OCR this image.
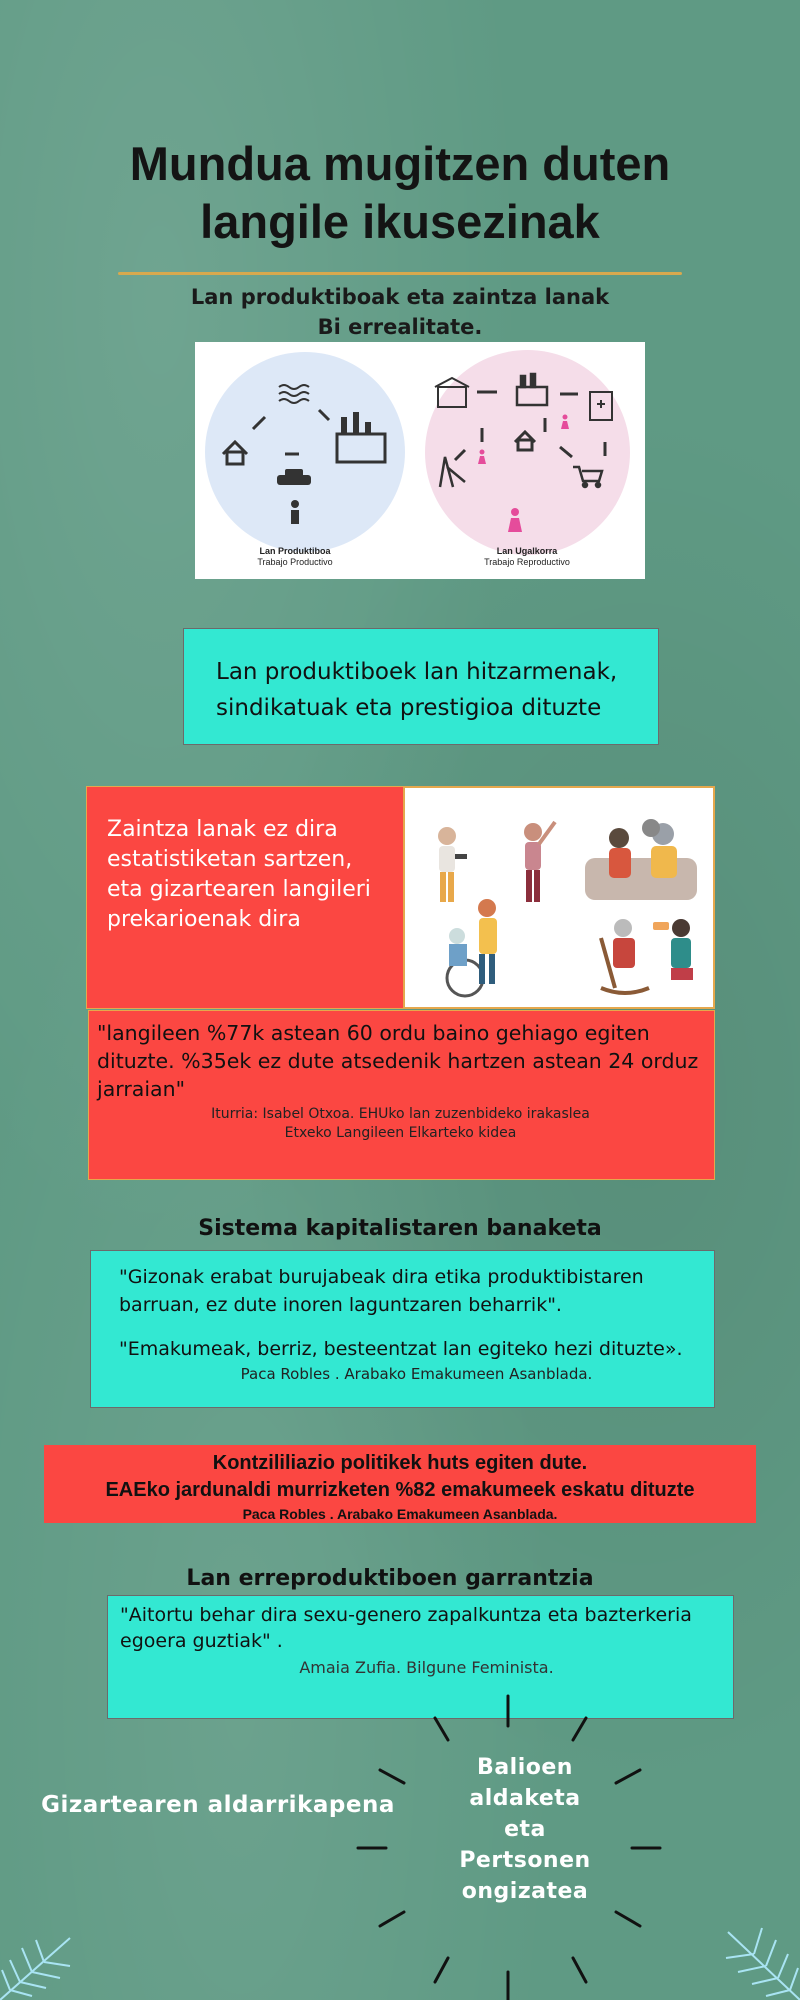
Mundua mugitzen duten
langile ikusezinak
Lan produktiboak eta zaintza lanak
Bi errealitate.
Lan Produktiboa
Trabajo Productivo
Lan Ugalkorra
Trabajo Reproductivo
Lan produktiboek lan hitzarmenak,
sindikatuak eta prestigioa dituzte
Zaintza lanak ez dira estatistiketan sartzen, eta gizartearen langileri prekarioenak dira
"langileen %77k astean 60 ordu baino gehiago egiten dituzte. %35ek ez dute atsedenik hartzen astean 24 orduz jarraian"
Iturria: Isabel Otxoa. EHUko lan zuzenbideko irakaslea
Etxeko Langileen Elkarteko kidea
Sistema kapitalistaren banaketa
"Gizonak erabat burujabeak dira etika produktibistaren barruan, ez dute inoren laguntzaren beharrik".
"Emakumeak, berriz, besteentzat lan egiteko hezi dituzte».
Paca Robles . Arabako Emakumeen Asanblada.
Kontzililiazio politikek huts egiten dute.
EAEko jardunaldi murrizketen %82 emakumeek eskatu dituzte
Paca Robles . Arabako Emakumeen Asanblada.
Lan erreproduktiboen garrantzia
"Aitortu behar dira sexu-genero zapalkuntza eta bazterkeria egoera guztiak" .
Amaia Zufia. Bilgune Feminista.
Gizartearen aldarrikapena
Balioen
aldaketa
eta
Pertsonen
ongizatea
